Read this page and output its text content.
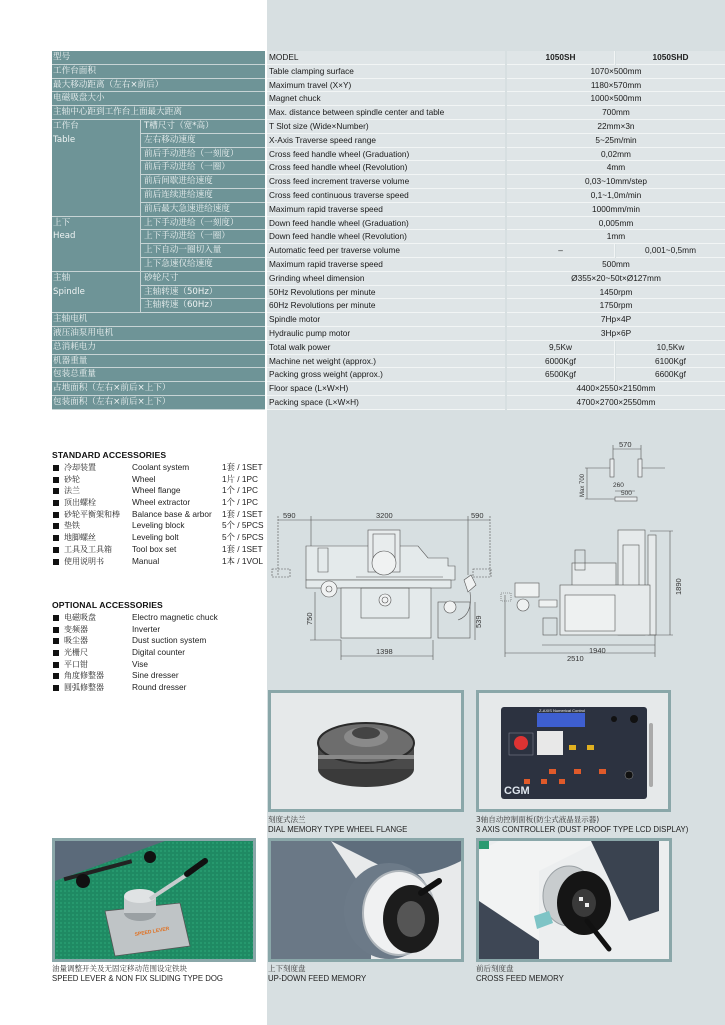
型号	MODEL	1050SH	1050SHD
工作台面积	Table clamping surface	1070×500mm
最大移动距离（左右×前后）	Maximum travel (X×Y)	1180×570mm
电磁吸盘大小	Magnet chuck	1000×500mm
主轴中心距到工作台上面最大距离	Max. distance between spindle center and table	700mm
T槽尺寸（宽*高）	T Slot size (Wide×Number)	22mm×3n
左右移动速度	X-Axis Traverse speed range	5~25m/min
前后手动进给（一刻度）	Cross feed handle wheel (Graduation)	0,02mm
前后手动进给（一圈）	Cross feed handle wheel (Revolution)	4mm
前后间歇进给速度	Cross feed increment traverse volume	0,03~10mm/step
前后连续进给速度	Cross feed continuous traverse speed	0,1~1,0m/min
前后最大急速进给速度	Maximum rapid traverse speed	1000mm/min
上下手动进给（一刻度）	Down feed handle wheel (Graduation)	0,005mm
上下手动进给（一圈）	Down feed handle wheel (Revolution)	1mm
上下自动一圈切入量	Automatic feed per traverse volume	–	0,001~0,5mm
上下急速仅给速度	Maximum rapid traverse speed	500mm
砂轮尺寸	Grinding wheel dimension	Ø355×20~50t×Ø127mm
主轴转速（50Hz）	50Hz Revolutions per minute	1450rpm
主轴转速（60Hz）	60Hz Revolutions per minute	1750rpm
主轴电机	Spindle motor	7Hp×4P
液压油泵用电机	Hydraulic pump motor	3Hp×6P
总消耗电力	Total walk power	9,5Kw	10,5Kw
机器重量	Machine net weight (approx.)	6000Kgf	6100Kgf
包装总重量	Packing gross weight (approx.)	6500Kgf	6600Kgf
占地面积（左右×前后×上下）	Floor space (L×W×H)	4400×2550×2150mm
包装面积（左右×前后×上下）	Packing space (L×W×H)	4700×2700×2550mm
工作台
Table
上下
Head
主轴
Spindle
STANDARD ACCESSORIES
冷却装置	Coolant system	1套 / 1SET
砂轮	Wheel	1片 / 1PC
法兰	Wheel flange	1个 / 1PC
顶出螺栓	Wheel extractor	1个 / 1PC
砂轮平衡架和棒 Balance base & arbor 1套 / 1SET
垫铁	Leveling block	5个 / 5PCS
地脚螺丝	Leveling bolt	5个 / 5PCS
工具及工具箱 Tool box set	1套 / 1SET
使用说明书	Manual	1本 / 1VOL
OPTIONAL ACCESSORIES
电磁吸盘	Electro magnetic chuck
变频器	Inverter
吸尘器	Dust suction system
光栅尺	Digital counter
平口钳	Vise
角度修整器	Sine dresser
圆弧修整器	Round dresser
590	3200	590
750	539
1398
570
Max 700	260
500
1890
1940
2510
刻度式法兰
DIAL MEMORY TYPE WHEEL FLANGE
Z-AXIS Numerical Control
CGM
3轴自动控制面板(防尘式液晶显示器)
3 AXIS CONTROLLER (DUST PROOF TYPE LCD DISPLAY)
SPEED LEVER
油量调整开关及无固定移动范围设定铁块
SPEED LEVER & NON FIX SLIDING TYPE DOG
上下刻度盘
UP-DOWN FEED MEMORY
前后刻度盘
CROSS FEED MEMORY
